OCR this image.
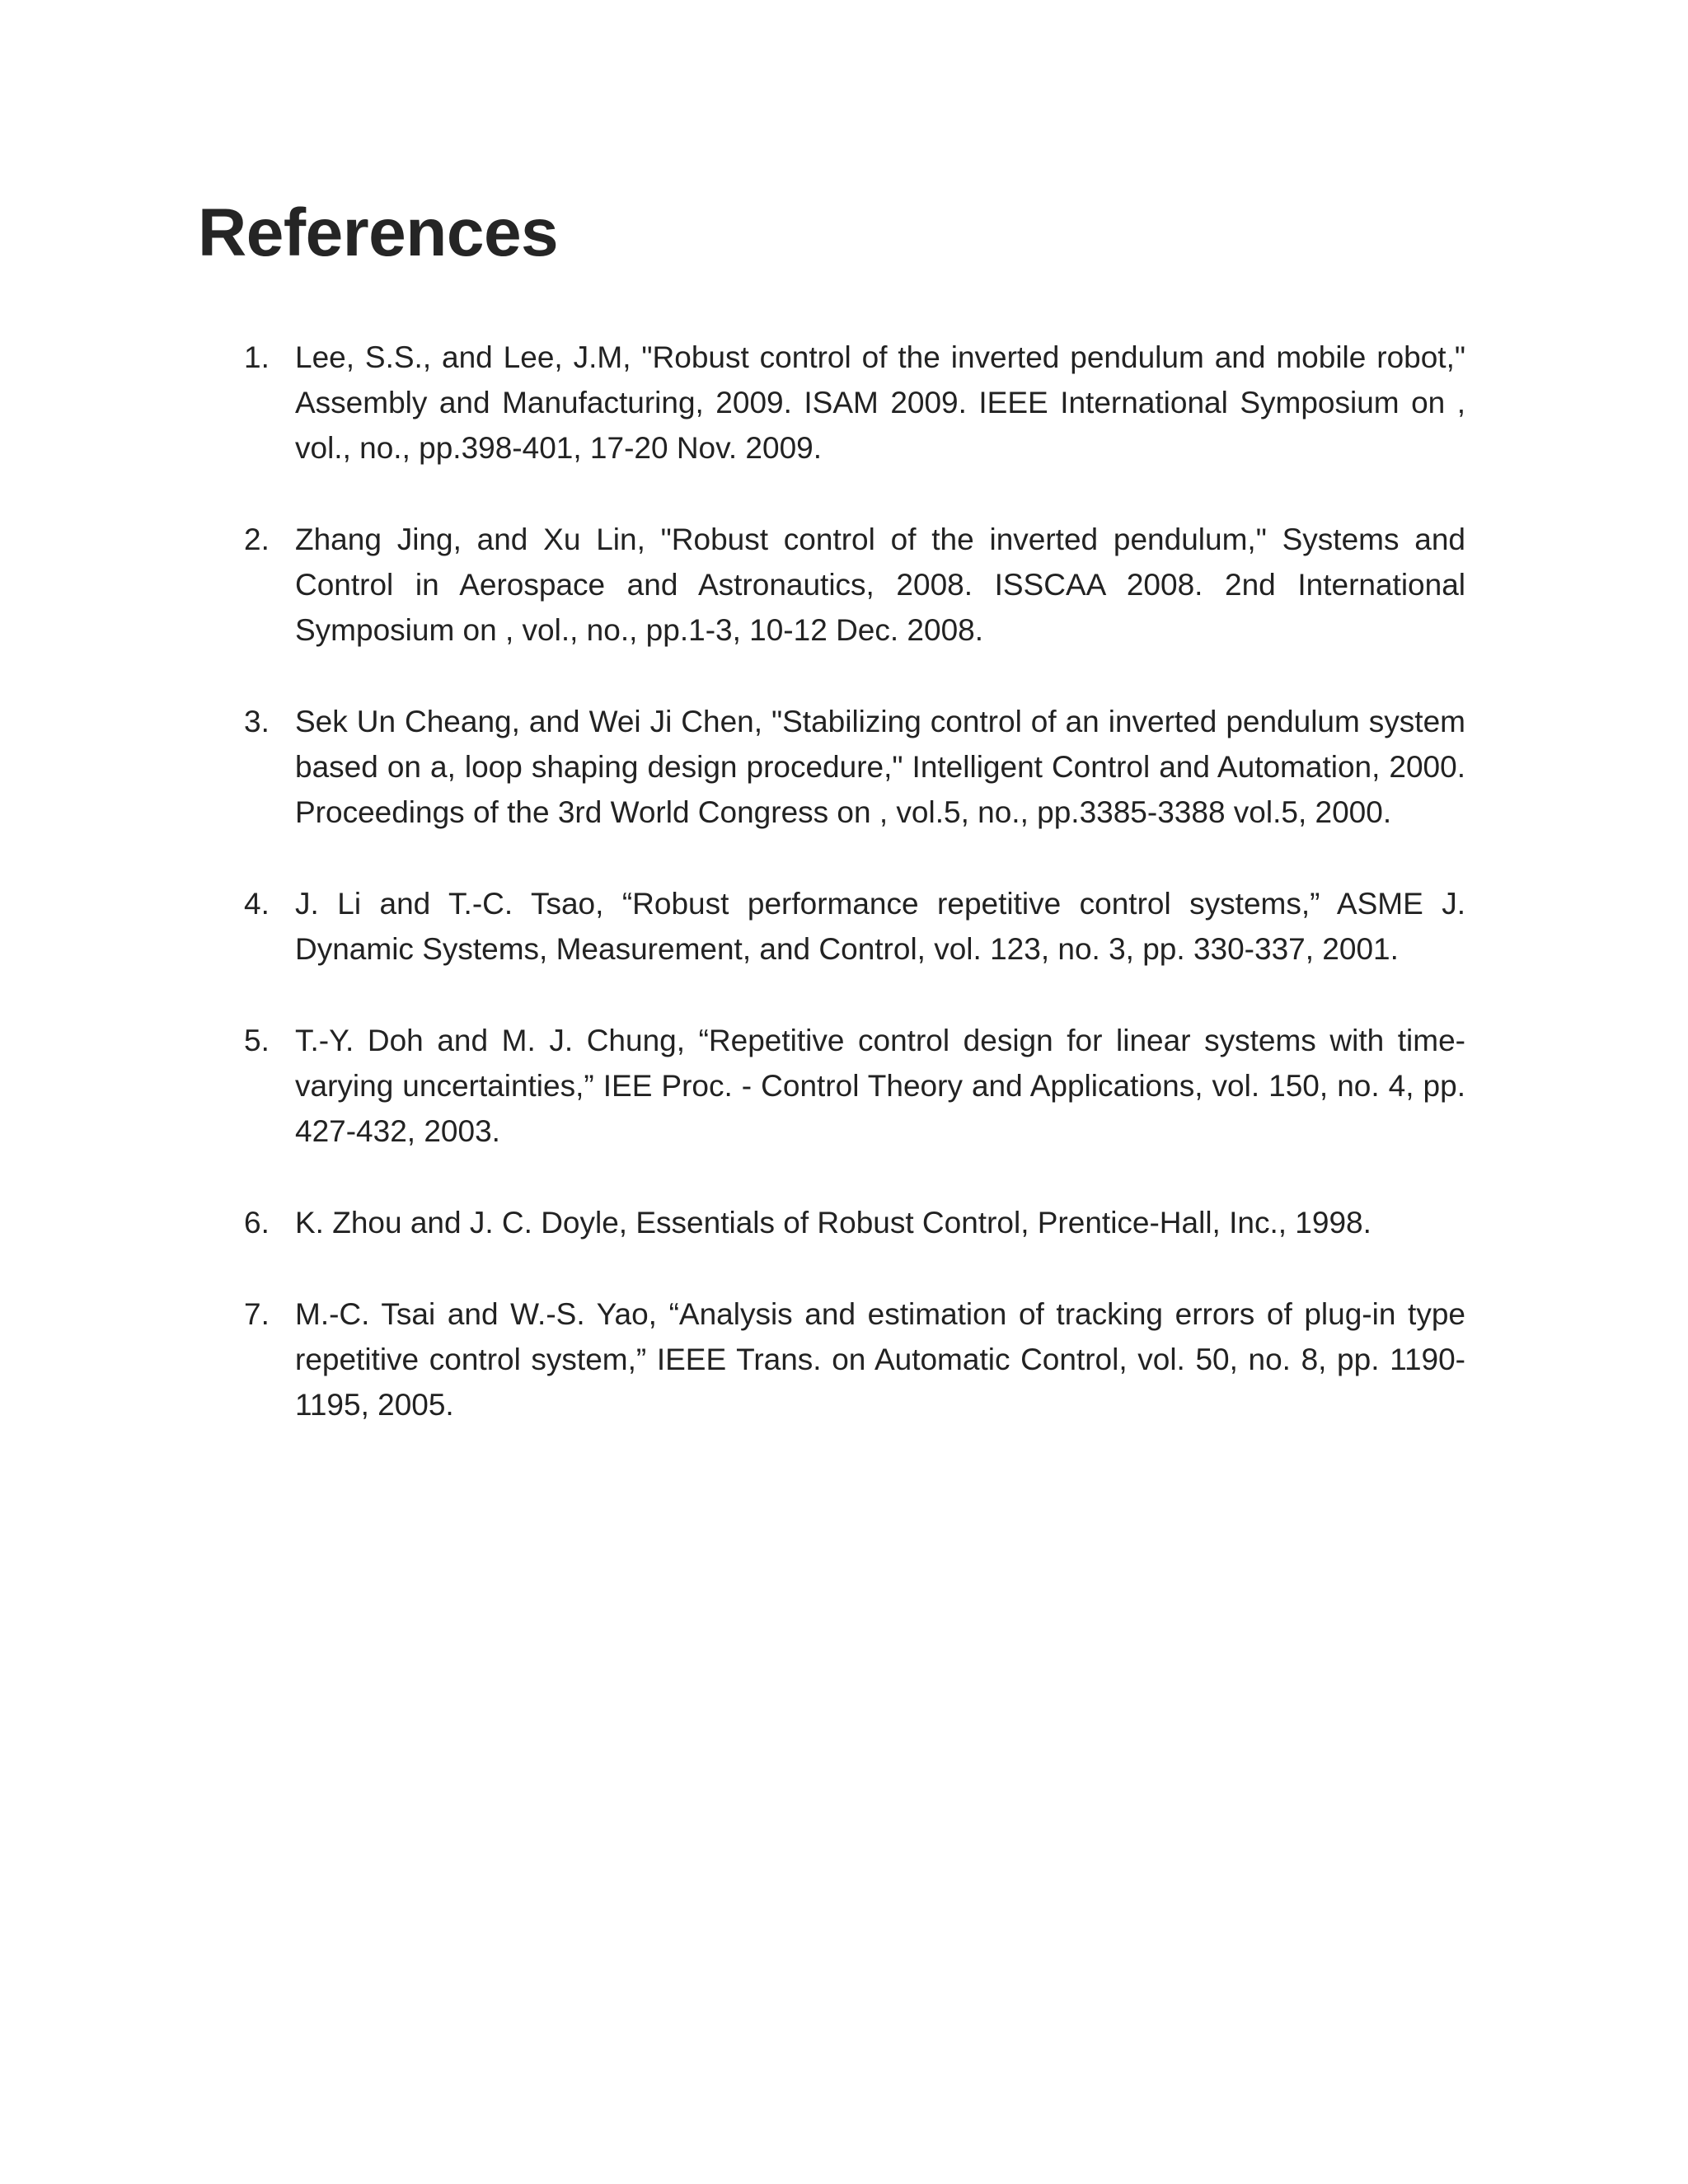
References
1. Lee, S.S., and Lee, J.M, "Robust control of the inverted pendulum and mobile robot," Assembly and Manufacturing, 2009. ISAM 2009. IEEE International Symposium on , vol., no., pp.398-401, 17-20 Nov. 2009.
2. Zhang Jing, and Xu Lin, "Robust control of the inverted pendulum," Systems and Control in Aerospace and Astronautics, 2008. ISSCAA 2008. 2nd International Symposium on , vol., no., pp.1-3, 10-12 Dec. 2008.
3. Sek Un Cheang, and Wei Ji Chen, "Stabilizing control of an inverted pendulum system based on a, loop shaping design procedure," Intelligent Control and Automation, 2000. Proceedings of the 3rd World Congress on , vol.5, no., pp.3385-3388 vol.5, 2000.
4. J. Li and T.-C. Tsao, “Robust performance repetitive control systems,” ASME J. Dynamic Systems, Measurement, and Control, vol. 123, no. 3, pp. 330-337, 2001.
5. T.-Y. Doh and M. J. Chung, “Repetitive control design for linear systems with time-varying uncertainties,” IEE Proc. - Control Theory and Applications, vol. 150, no. 4, pp. 427-432, 2003.
6. K. Zhou and J. C. Doyle, Essentials of Robust Control, Prentice-Hall, Inc., 1998.
7. M.-C. Tsai and W.-S. Yao, “Analysis and estimation of tracking errors of plug-in type repetitive control system,” IEEE Trans. on Automatic Control, vol. 50, no. 8, pp. 1190-1195, 2005.
